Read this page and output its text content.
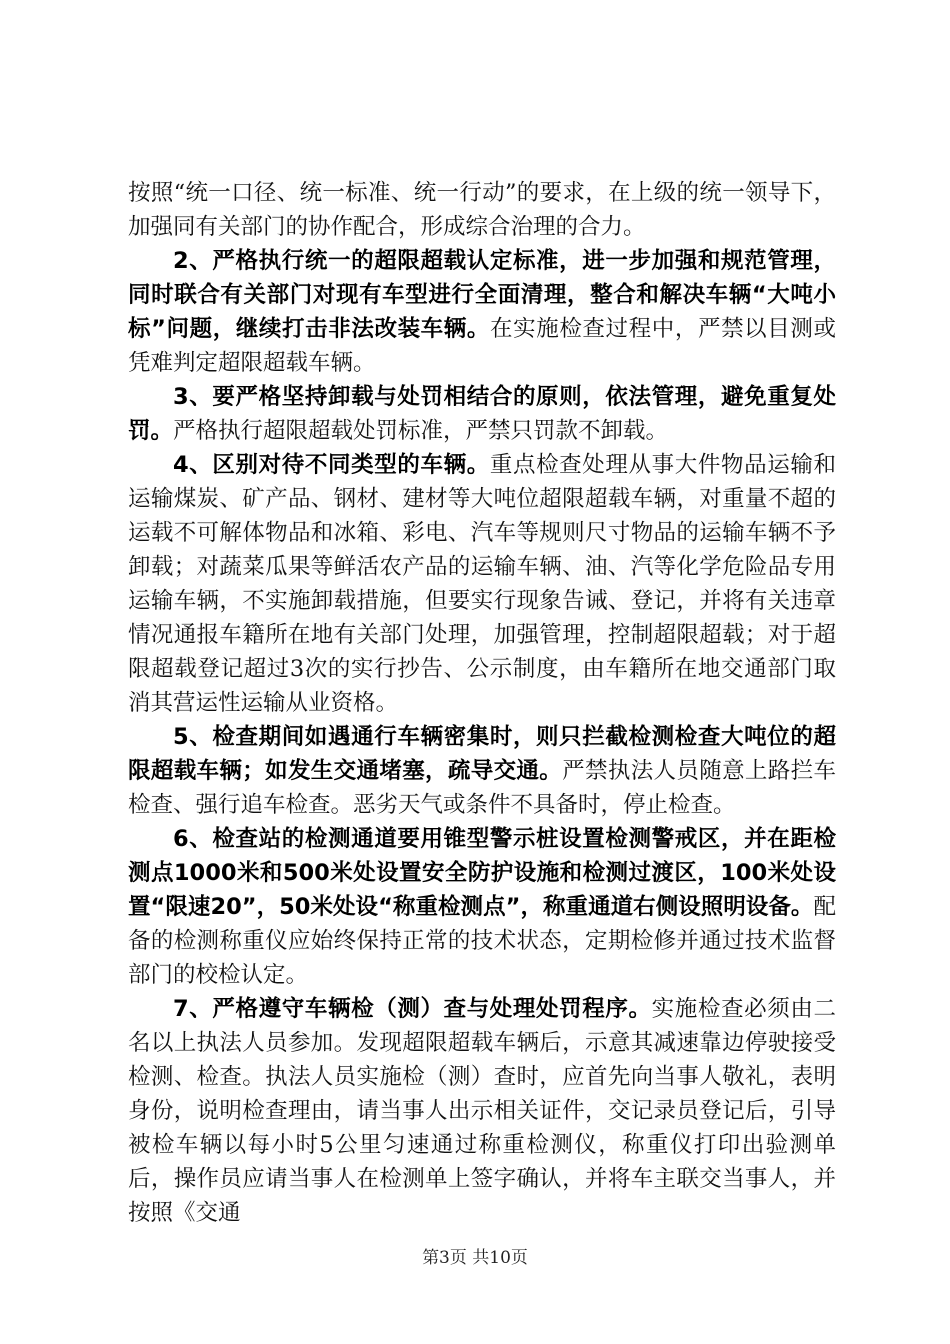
按照“统一口径、统一标准、统一行动”的要求，在上级的统一领导下，加强同有关部门的协作配合，形成综合治理的合力。

2、严格执行统一的超限超载认定标准，进一步加强和规范管理，同时联合有关部门对现有车型进行全面清理，整合和解决车辆“大吨小标”问题，继续打击非法改装车辆。在实施检查过程中，严禁以目测或凭难判定超限超载车辆。

3、要严格坚持卸载与处罚相结合的原则，依法管理，避免重复处罚。严格执行超限超载处罚标准，严禁只罚款不卸载。

4、区别对待不同类型的车辆。重点检查处理从事大件物品运输和运输煤炭、矿产品、钢材、建材等大吨位超限超载车辆，对重量不超的运载不可解体物品和冰箱、彩电、汽车等规则尺寸物品的运输车辆不予卸载；对蔬菜瓜果等鲜活农产品的运输车辆、油、汽等化学危险品专用运输车辆，不实施卸载措施，但要实行现象告诫、登记，并将有关违章情况通报车籍所在地有关部门处理，加强管理，控制超限超载；对于超限超载登记超过3次的实行抄告、公示制度，由车籍所在地交通部门取消其营运性运输从业资格。

5、检查期间如遇通行车辆密集时，则只拦截检测检查大吨位的超限超载车辆；如发生交通堵塞，疏导交通。严禁执法人员随意上路拦车检查、强行追车检查。恶劣天气或条件不具备时，停止检查。

6、检查站的检测通道要用锥型警示桩设置检测警戒区，并在距检测点1000米和500米处设置安全防护设施和检测过渡区，100米处设置“限速20”，50米处设“称重检测点”，称重通道右侧设照明设备。配备的检测称重仪应始终保持正常的技术状态，定期检修并通过技术监督部门的校检认定。

7、严格遵守车辆检（测）查与处理处罚程序。实施检查必须由二名以上执法人员参加。发现超限超载车辆后，示意其减速靠边停驶接受检测、检查。执法人员实施检（测）查时，应首先向当事人敬礼，表明身份，说明检查理由，请当事人出示相关证件，交记录员登记后，引导被检车辆以每小时5公里匀速通过称重检测仪，称重仪打印出验测单后，操作员应请当事人在检测单上签字确认，并将车主联交当事人，并按照《交通

第3页 共10页
